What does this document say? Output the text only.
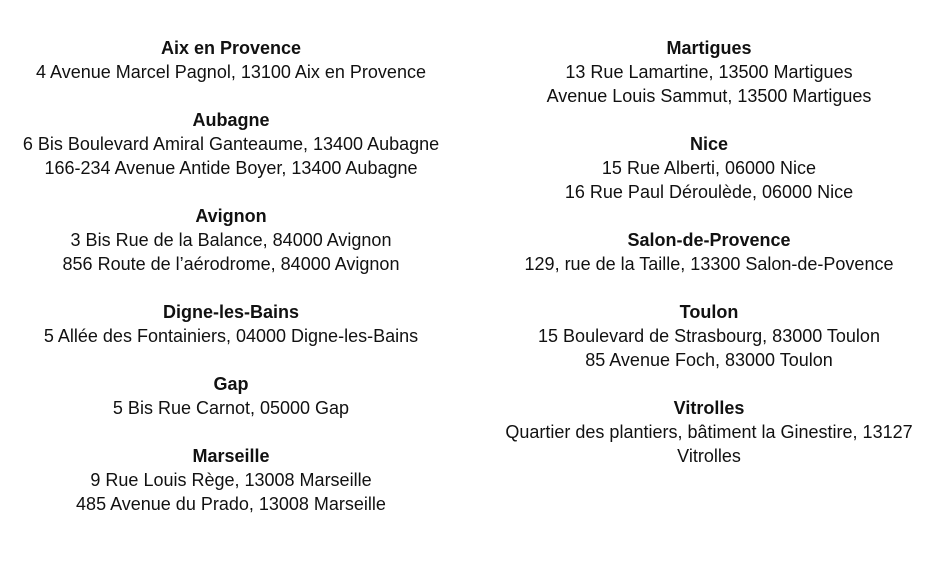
Aix en Provence
4 Avenue Marcel Pagnol, 13100 Aix en Provence
Aubagne
6 Bis Boulevard Amiral Ganteaume, 13400 Aubagne
166-234 Avenue Antide Boyer, 13400 Aubagne
Avignon
3 Bis Rue de la Balance, 84000 Avignon
856 Route de l’aérodrome, 84000 Avignon
Digne-les-Bains
5 Allée des Fontainiers, 04000 Digne-les-Bains
Gap
5 Bis Rue Carnot, 05000 Gap
Marseille
9 Rue Louis Rège, 13008 Marseille
485 Avenue du Prado, 13008 Marseille
Martigues
13 Rue Lamartine, 13500 Martigues
Avenue Louis Sammut, 13500 Martigues
Nice
15 Rue Alberti, 06000 Nice
16 Rue Paul Déroulède, 06000 Nice
Salon-de-Provence
129, rue de la Taille, 13300 Salon-de-Povence
Toulon
15 Boulevard de Strasbourg, 83000 Toulon
85 Avenue Foch, 83000 Toulon
Vitrolles
Quartier des plantiers, bâtiment la Ginestire, 13127 Vitrolles
